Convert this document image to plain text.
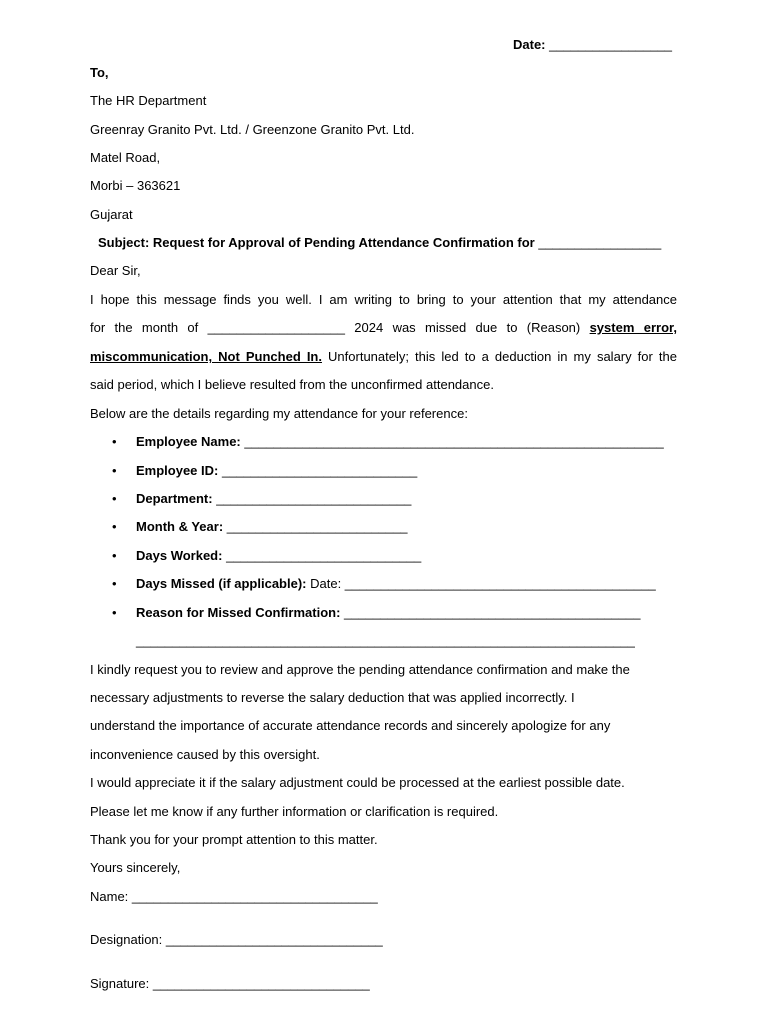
Date: _________________
To,
The HR Department
Greenray Granito Pvt. Ltd. / Greenzone Granito Pvt. Ltd.
Matel Road,
Morbi – 363621
Gujarat
Subject: Request for Approval of Pending Attendance Confirmation for _________________
Dear Sir,
I hope this message finds you well. I am writing to bring to your attention that my attendance
for the month of ___________________ 2024 was missed due to (Reason) system error,
miscommunication, Not Punched In. Unfortunately; this led to a deduction in my salary for the
said period, which I believe resulted from the unconfirmed attendance.
Below are the details regarding my attendance for your reference:
• Employee Name: __________________________________________________________
• Employee ID: ___________________________
• Department: ___________________________
• Month & Year: _________________________
• Days Worked: ___________________________
• Days Missed (if applicable): Date: ___________________________________________
• Reason for Missed Confirmation: _________________________________________
_____________________________________________________________________
I kindly request you to review and approve the pending attendance confirmation and make the
necessary adjustments to reverse the salary deduction that was applied incorrectly. I
understand the importance of accurate attendance records and sincerely apologize for any
inconvenience caused by this oversight.
I would appreciate it if the salary adjustment could be processed at the earliest possible date.
Please let me know if any further information or clarification is required.
Thank you for your prompt attention to this matter.
Yours sincerely,
Name: __________________________________
Designation: ______________________________
Signature: ______________________________
